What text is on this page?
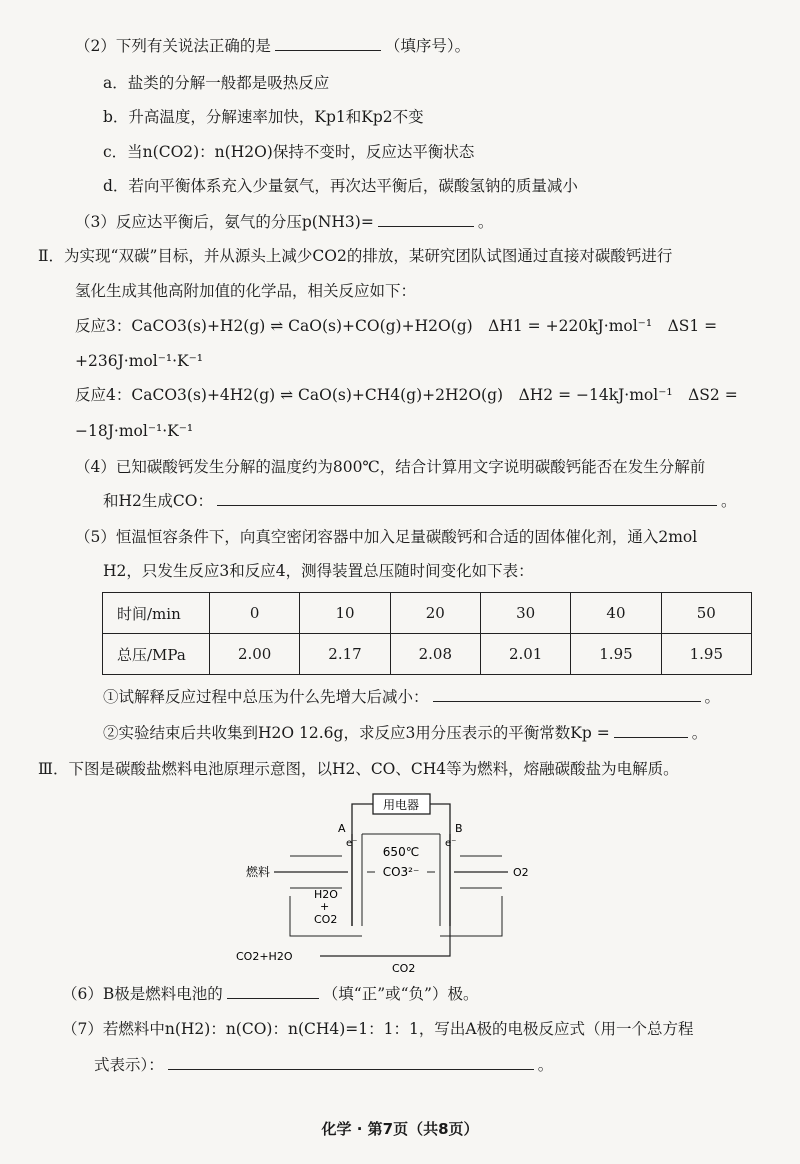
（2）下列有关说法正确的是	（填序号）。
a．盐类的分解一般都是吸热反应
b．升高温度，分解速率加快，Kp1和Kp2不变
c．当n(CO2)：n(H2O)保持不变时，反应达平衡状态
d．若向平衡体系充入少量氨气，再次达平衡后，碳酸氢钠的质量减小
（3）反应达平衡后，氨气的分压p(NH3)=	。
Ⅱ．为实现“双碳”目标，并从源头上减少CO2的排放，某研究团队试图通过直接对碳酸钙进行
氢化生成其他高附加值的化学品，相关反应如下：
反应3：CaCO3(s)+H2(g) ⇌ CaO(s)+CO(g)+H2O(g)　ΔH1 = +220kJ·mol⁻¹　ΔS1 =
+236J·mol⁻¹·K⁻¹
反应4：CaCO3(s)+4H2(g) ⇌ CaO(s)+CH4(g)+2H2O(g)　ΔH2 = −14kJ·mol⁻¹　ΔS2 =
−18J·mol⁻¹·K⁻¹
（4）已知碳酸钙发生分解的温度约为800℃，结合计算用文字说明碳酸钙能否在发生分解前
和H2生成CO：	。
（5）恒温恒容条件下，向真空密闭容器中加入足量碳酸钙和合适的固体催化剂，通入2mol
H2，只发生反应3和反应4，测得装置总压随时间变化如下表：
时间/min	0	10	20	30	40	50
总压/MPa	2.00	2.17	2.08	2.01	1.95	1.95
①试解释反应过程中总压为什么先增大后减小：	。
②实验结束后共收集到H2O 12.6g，求反应3用分压表示的平衡常数Kp =	。
Ⅲ．下图是碳酸盐燃料电池原理示意图，以H2、CO、CH4等为燃料，熔融碳酸盐为电解质。
用电器
A	B
e⁻	e⁻
650℃
CO3²⁻
燃料	O2
H2O
+
CO2
CO2+H2O
CO2
（6）B极是燃料电池的	（填“正”或“负”）极。
（7）若燃料中n(H2)：n(CO)：n(CH4)=1：1：1，写出A极的电极反应式（用一个总方程
式表示）：	。
化学 · 第7页（共8页）
